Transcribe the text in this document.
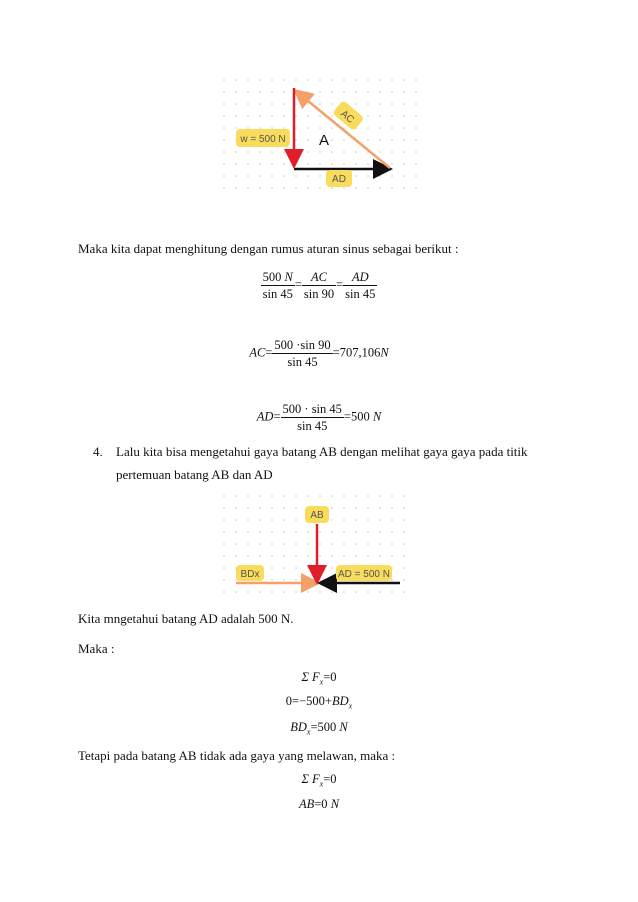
w = 500 N A
AC
AD
Maka kita dapat menghitung dengan rumus aturan sinus sebagai berikut :
$\frac{500 N}{\sin 45} = \frac{AC}{\sin 90} = \frac{AD}{\sin 45}$
$AC= \frac{500 \cdot\sin 90}{\sin 45} =707,106N$
$AD= \frac{500 \cdot \sin 45}{\sin 45} =500$ N
4. Lalu kita bisa mengetahui gaya batang AB dengan melihat gaya gaya pada titik
pertemuan batang AB dan AD
AB
BDx	AD = 500 N
Kita mngetahui batang AD adalah 500 N.
Maka :
Σ $F_x=0$
$0=-500+BD_x$
$BD_x=500$ N
Tetapi pada batang AB tidak ada gaya yang melawan, maka :
Σ $F_x=0$
AB=0 N
